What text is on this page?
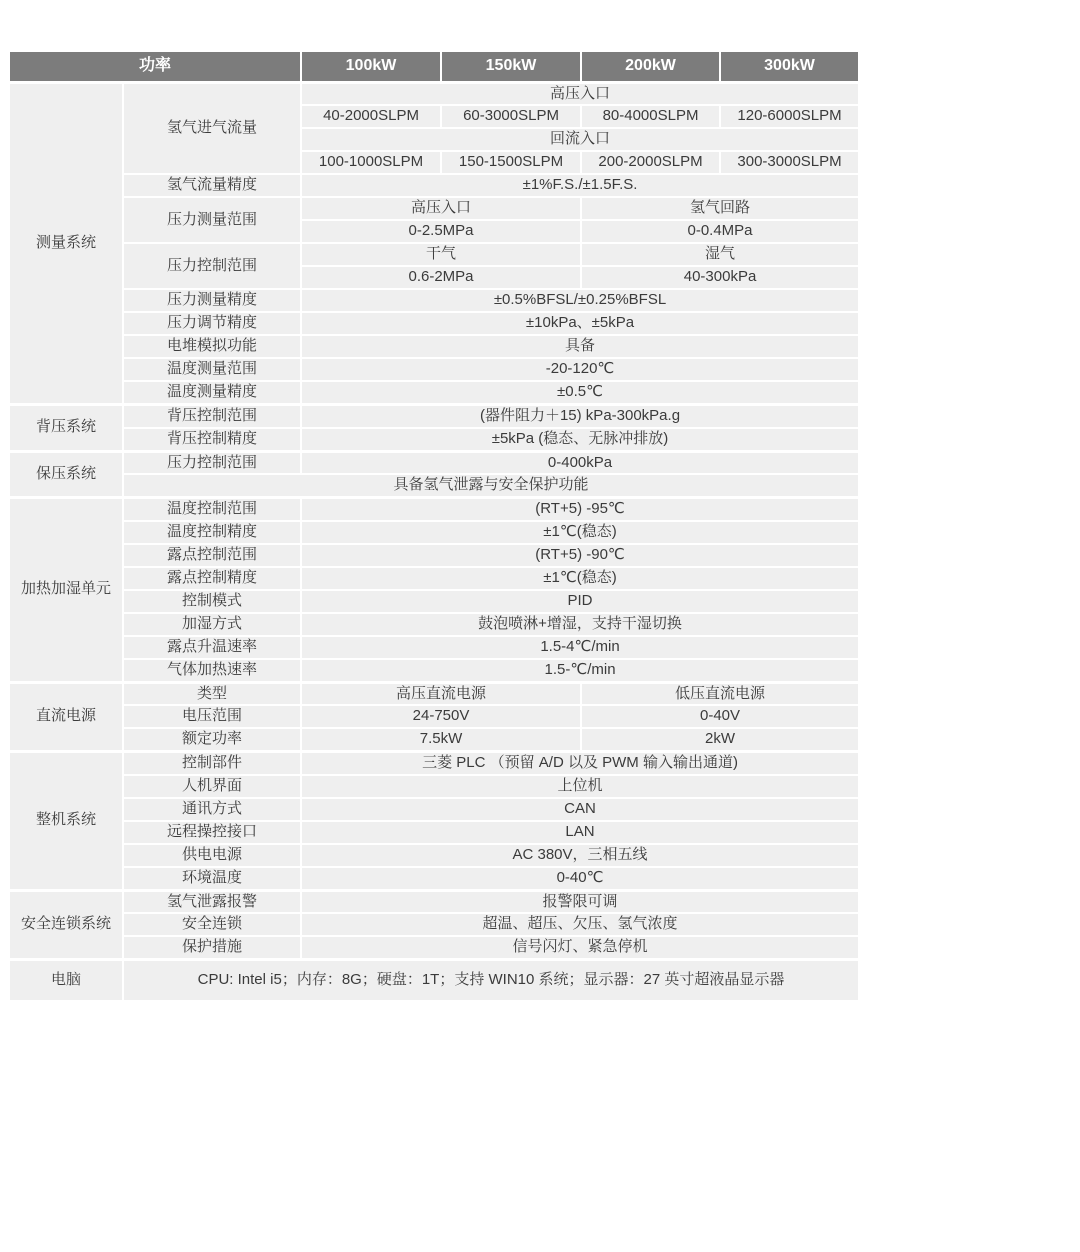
功率		100kW	150kW	200kW	300kW
测量系统	氢气进气流量	高压入口			
		40-2000SLPM	60-3000SLPM	80-4000SLPM	120-6000SLPM
		回流入口			
		100-1000SLPM	150-1500SLPM	200-2000SLPM	300-3000SLPM
	氢气流量精度	±1%F.S./±1.5F.S.			
	压力测量范围	高压入口		氢气回路	
		0-2.5MPa		0-0.4MPa	
	压力控制范围	干气		湿气	
		0.6-2MPa		40-300kPa	
	压力测量精度	±0.5%BFSL/±0.25%BFSL			
	压力调节精度	±10kPa、±5kPa			
	电堆模拟功能	具备			
	温度测量范围	-20-120℃			
	温度测量精度	±0.5℃			
背压系统	背压控制范围	(器件阻力＋15) kPa-300kPa.g			
	背压控制精度	±5kPa (稳态、无脉冲排放)			
保压系统	压力控制范围	0-400kPa			
	具备氢气泄露与安全保护功能				
加热加湿单元	温度控制范围	(RT+5) -95℃			
	温度控制精度	±1℃(稳态)			
	露点控制范围	(RT+5) -90℃			
	露点控制精度	±1℃(稳态)			
	控制模式	PID			
	加湿方式	鼓泡喷淋+增湿，支持干湿切换			
	露点升温速率	1.5-4℃/min			
	气体加热速率	1.5-℃/min			
直流电源	类型	高压直流电源		低压直流电源	
	电压范围	24-750V		0-40V	
	额定功率	7.5kW		2kW	
整机系统	控制部件	三菱 PLC （预留 A/D 以及 PWM 输入输出通道)			
	人机界面	上位机			
	通讯方式	CAN			
	远程操控接口	LAN			
	供电电源	AC 380V，三相五线			
	环境温度	0-40℃			
安全连锁系统	氢气泄露报警	报警限可调			
	安全连锁	超温、超压、欠压、氢气浓度			
	保护措施	信号闪灯、紧急停机			
电脑	CPU: Intel i5；内存：8G；硬盘：1T；支持 WIN10 系统；显示器：27 英寸超液晶显示器				
